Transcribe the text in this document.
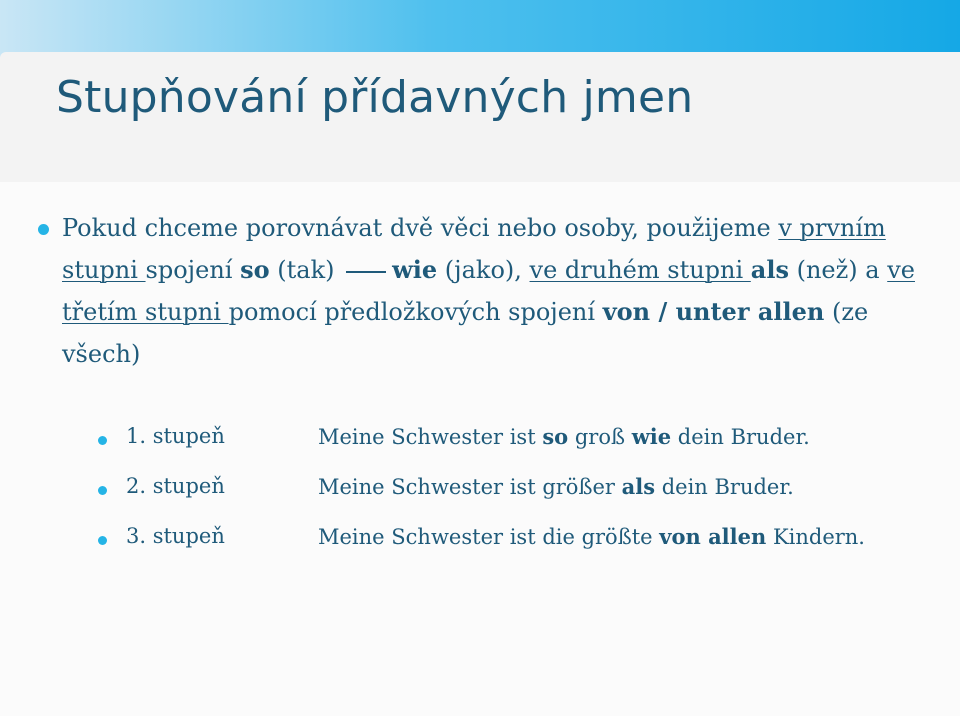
Stupňování přídavných jmen
Pokud chceme porovnávat dvě věci nebo osoby, použijeme v prvním stupni spojení so (tak) wie (jako), ve druhém stupni als (než) a ve třetím stupni pomocí předložkových spojení von / unter allen (ze všech)
1. stupeň	Meine Schwester ist so groß wie dein Bruder.
2. stupeň	Meine Schwester ist größer als dein Bruder.
3. stupeň	Meine Schwester ist die größte von allen Kindern.
